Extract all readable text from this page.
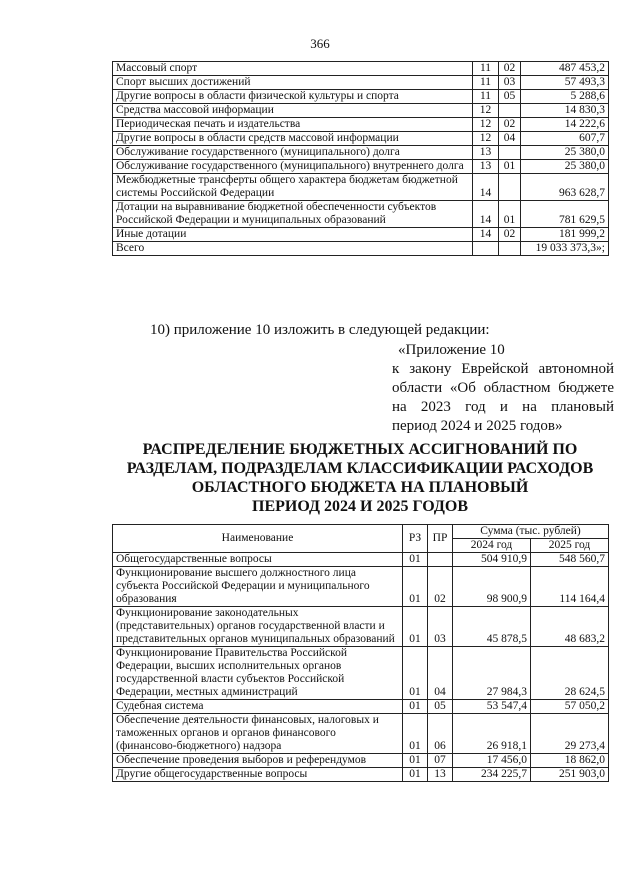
366
Массовый спорт	11	02	487 453,2
Спорт высших достижений	11	03	57 493,3
Другие вопросы в области физической культуры и спорта	11	05	5 288,6
Средства массовой информации	12		14 830,3
Периодическая печать и издательства	12	02	14 222,6
Другие вопросы в области средств массовой информации	12	04	607,7
Обслуживание государственного (муниципального) долга	13		25 380,0
Обслуживание государственного (муниципального) внутреннего долга	13	01	25 380,0
Межбюджетные трансферты общего характера бюджетам бюджетной системы Российской Федерации	14		963 628,7
Дотации на выравнивание бюджетной обеспеченности субъектов Российской Федерации и муниципальных образований	14	01	781 629,5
Иные дотации	14	02	181 999,2
Всего			19 033 373,3»;
10) приложение 10 изложить в следующей редакции:
«Приложение 10
к закону Еврейской автономной
области «Об областном бюджете
на 2023 год и на плановый
период 2024 и 2025 годов»
РАСПРЕДЕЛЕНИЕ БЮДЖЕТНЫХ АССИГНОВАНИЙ ПО
РАЗДЕЛАМ, ПОДРАЗДЕЛАМ КЛАССИФИКАЦИИ РАСХОДОВ
ОБЛАСТНОГО БЮДЖЕТА НА ПЛАНОВЫЙ
ПЕРИОД 2024 И 2025 ГОДОВ
Наименование	РЗ	ПР	Сумма (тыс. рублей)	
			2024 год	2025 год
Общегосударственные вопросы	01		504 910,9	548 560,7
Функционирование высшего должностного лица субъекта Российской Федерации и муниципального образования	01	02	98 900,9	114 164,4
Функционирование законодательных (представительных) органов государственной власти и представительных органов муниципальных образований	01	03	45 878,5	48 683,2
Функционирование Правительства Российской Федерации, высших исполнительных органов государственной власти субъектов Российской Федерации, местных администраций	01	04	27 984,3	28 624,5
Судебная система	01	05	53 547,4	57 050,2
Обеспечение деятельности финансовых, налоговых и таможенных органов и органов финансового (финансово-бюджетного) надзора	01	06	26 918,1	29 273,4
Обеспечение проведения выборов и референдумов	01	07	17 456,0	18 862,0
Другие общегосударственные вопросы	01	13	234 225,7	251 903,0
